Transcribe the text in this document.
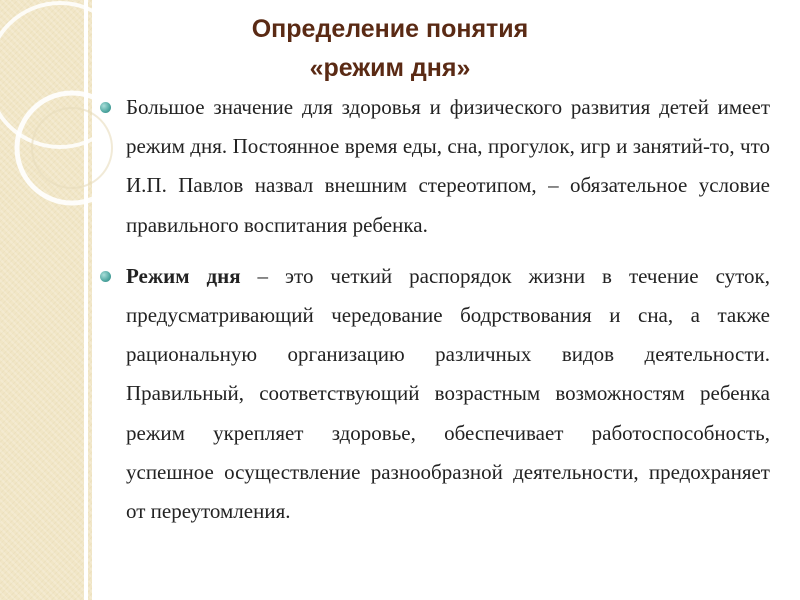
Определение понятия
«режим дня»

Большое значение для здоровья и физического развития детей имеет режим дня. Постоянное время еды, сна, прогулок, игр и занятий-то, что И.П. Павлов назвал внешним стереотипом, – обязательное условие правильного воспитания ребенка.

Режим дня – это четкий распорядок жизни в течение суток, предусматривающий чередование бодрствования и сна, а также рациональную организацию различных видов деятельности. Правильный, соответствующий возрастным возможностям ребенка режим укрепляет здоровье, обеспечивает работоспособность, успешное осуществление разнообразной деятельности, предохраняет от переутомления.
